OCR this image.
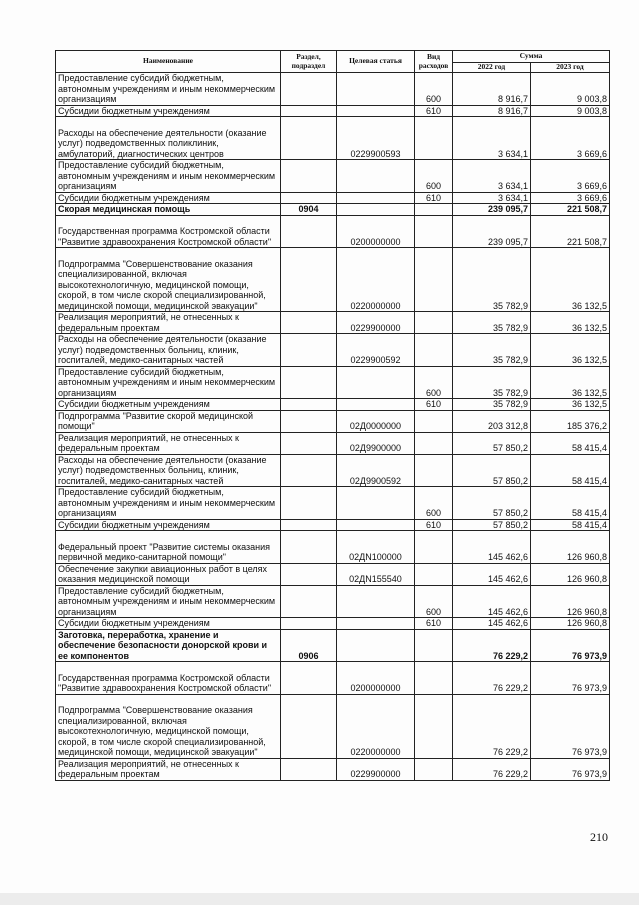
Наименование	Раздел, подраздел	Целевая статья	Вид расходов	Сумма	
				2022 год	2023 год
Предоставление субсидий бюджетным, автономным учреждениям и иным некоммерческим организациям			600	8 916,7	9 003,8
Субсидии бюджетным учреждениям			610	8 916,7	9 003,8
Расходы на обеспечение деятельности (оказание услуг) подведомственных поликлиник, амбулаторий, диагностических центров		0229900593		3 634,1	3 669,6
Предоставление субсидий бюджетным, автономным учреждениям и иным некоммерческим организациям			600	3 634,1	3 669,6
Субсидии бюджетным учреждениям			610	3 634,1	3 669,6
Скорая медицинская помощь	0904			239 095,7	221 508,7
Государственная программа Костромской области "Развитие здравоохранения Костромской области"		0200000000		239 095,7	221 508,7
Подпрограмма "Совершенствование оказания специализированной, включая высокотехнологичную, медицинской помощи, скорой, в том числе скорой специализированной, медицинской помощи, медицинской эвакуации"		0220000000		35 782,9	36 132,5
Реализация мероприятий, не отнесенных к федеральным проектам		0229900000		35 782,9	36 132,5
Расходы на обеспечение деятельности (оказание услуг) подведомственных больниц, клиник, госпиталей, медико-санитарных частей		0229900592		35 782,9	36 132,5
Предоставление субсидий бюджетным, автономным учреждениям и иным некоммерческим организациям			600	35 782,9	36 132,5
Субсидии бюджетным учреждениям			610	35 782,9	36 132,5
Подпрограмма "Развитие скорой медицинской помощи"		02Д0000000		203 312,8	185 376,2
Реализация мероприятий, не отнесенных к федеральным проектам		02Д9900000		57 850,2	58 415,4
Расходы на обеспечение деятельности (оказание услуг) подведомственных больниц, клиник, госпиталей, медико-санитарных частей		02Д9900592		57 850,2	58 415,4
Предоставление субсидий бюджетным, автономным учреждениям и иным некоммерческим организациям			600	57 850,2	58 415,4
Субсидии бюджетным учреждениям			610	57 850,2	58 415,4
Федеральный проект "Развитие системы оказания первичной медико-санитарной помощи"		02ДN100000		145 462,6	126 960,8
Обеспечение закупки авиационных работ в целях оказания медицинской помощи		02ДN155540		145 462,6	126 960,8
Предоставление субсидий бюджетным, автономным учреждениям и иным некоммерческим организациям			600	145 462,6	126 960,8
Субсидии бюджетным учреждениям			610	145 462,6	126 960,8
Заготовка, переработка, хранение и обеспечение безопасности донорской крови и ее компонентов	0906			76 229,2	76 973,9
Государственная программа Костромской области "Развитие здравоохранения Костромской области"		0200000000		76 229,2	76 973,9
Подпрограмма "Совершенствование оказания специализированной, включая высокотехнологичную, медицинской помощи, скорой, в том числе скорой специализированной, медицинской помощи, медицинской эвакуации"		0220000000		76 229,2	76 973,9
Реализация мероприятий, не отнесенных к федеральным проектам		0229900000		76 229,2	76 973,9
210
